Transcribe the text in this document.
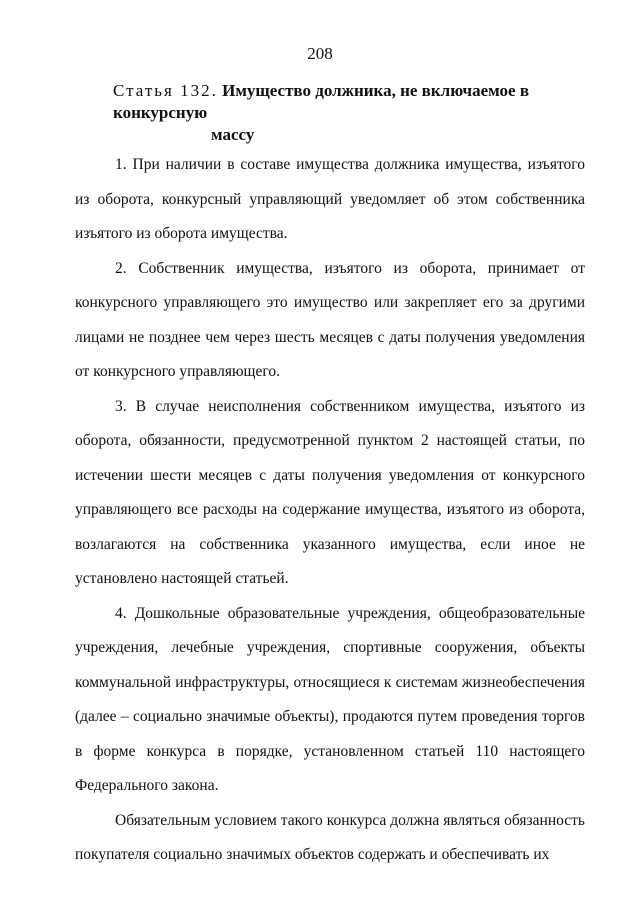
208
Статья 132. Имущество должника, не включаемое в конкурсную
массу

1. При наличии в составе имущества должника имущества, изъятого из оборота, конкурсный управляющий уведомляет об этом собственника изъятого из оборота имущества.

2. Собственник имущества, изъятого из оборота, принимает от конкурсного управляющего это имущество или закрепляет его за другими лицами не позднее чем через шесть месяцев с даты получения уведомления от конкурсного управляющего.

3. В случае неисполнения собственником имущества, изъятого из оборота, обязанности, предусмотренной пунктом 2 настоящей статьи, по истечении шести месяцев с даты получения уведомления от конкурсного управляющего все расходы на содержание имущества, изъятого из оборота, возлагаются на собственника указанного имущества, если иное не установлено настоящей статьей.

4. Дошкольные образовательные учреждения, общеобразовательные учреждения, лечебные учреждения, спортивные сооружения, объекты коммунальной инфраструктуры, относящиеся к системам жизнеобеспечения (далее – социально значимые объекты), продаются путем проведения торгов в форме конкурса в порядке, установленном статьей 110 настоящего Федерального закона.

Обязательным условием такого конкурса должна являться обязанность покупателя социально значимых объектов содержать и обеспечивать их
